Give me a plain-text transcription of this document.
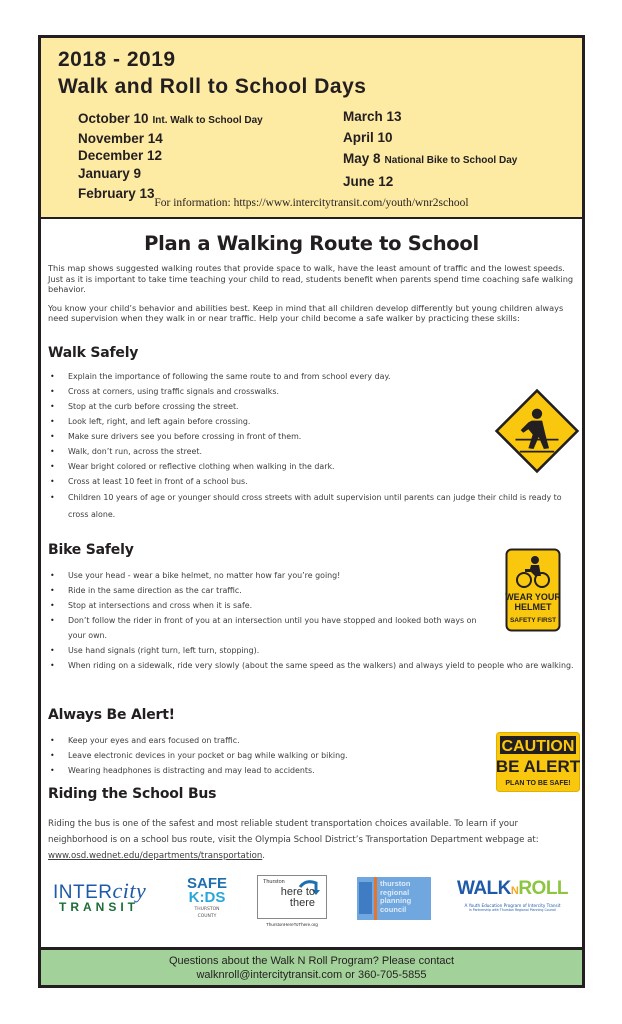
2018 - 2019
Walk and Roll to School Days
October 10 Int. Walk to School Day
November 14
December 12
January 9
February 13
March 13
April 10
May 8 National Bike to School Day
June 12
For information: https://www.intercitytransit.com/youth/wnr2school
Plan a Walking Route to School

This map shows suggested walking routes that provide space to walk, have the least amount of traffic and the lowest speeds. Just as it is important to take time teaching your child to read, students benefit when parents spend time coaching safe walking behavior.

You know your child’s behavior and abilities best. Keep in mind that all children develop differently but young children always need supervision when they walk in or near traffic. Help your child become a safe walker by practicing these skills:

Walk Safely
• Explain the importance of following the same route to and from school every day.
• Cross at corners, using traffic signals and crosswalks.
• Stop at the curb before crossing the street.
• Look left, right, and left again before crossing.
• Make sure drivers see you before crossing in front of them.
• Walk, don’t run, across the street.
• Wear bright colored or reflective clothing when walking in the dark.
• Cross at least 10 feet in front of a school bus.
• Children 10 years of age or younger should cross streets with adult supervision until parents can judge their child is ready to cross alone.
Bike Safely
• Use your head - wear a bike helmet, no matter how far you’re going!
• Ride in the same direction as the car traffic.
• Stop at intersections and cross when it is safe.
• Don’t follow the rider in front of you at an intersection until you have stopped and looked both ways on your own.
• Use hand signals (right turn, left turn, stopping).
• When riding on a sidewalk, ride very slowly (about the same speed as the walkers) and always yield to people who are walking.
WEAR YOUR
HELMET
SAFETY FIRST
Always Be Alert!
• Keep your eyes and ears focused on traffic.
• Leave electronic devices in your pocket or bag while walking or biking.
• Wearing headphones is distracting and may lead to accidents.
CAUTION
BE ALERT
PLAN TO BE SAFE!
Riding the School Bus

Riding the bus is one of the safest and most reliable student transportation choices available. To learn if your neighborhood is on a school bus route, visit the Olympia School District’s Transportation Department webpage at: www.osd.wednet.edu/departments/transportation.

INTERcity
TRANSIT
SAFE
K:DS
THURSTON
COUNTY
Thurston
here to
there
ThurstonHereToThere.org
thurston
regional
planning
council
WALKNROLL
A Youth Education Program of Intercity Transit
In Partnership with Thurston Regional Planning Council
Questions about the Walk N Roll Program? Please contact
walknroll@intercitytransit.com or 360-705-5855
